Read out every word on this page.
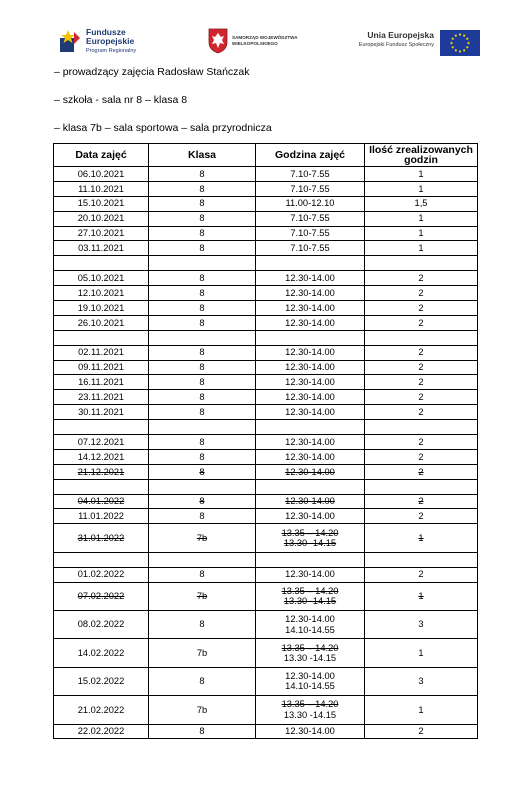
Fundusze
Europejskie
Program Regionalny
SAMORZĄD WOJEWÓDZTWA
WIELKOPOLSKIEGO
Unia Europejska
Europejski Fundusz Społeczny

– prowadzący zajęcia Radosław Stańczak

– szkoła - sala nr 8 – klasa 8

– klasa 7b – sala sportowa – sala przyrodnicza

Data zajęć	Klasa	Godzina zajęć	Ilość zrealizowanych godzin
06.10.2021	8	7.10-7.55	1
11.10.2021	8	7.10-7.55	1
15.10.2021	8	11.00-12.10	1,5
20.10.2021	8	7.10-7.55	1
27.10.2021	8	7.10-7.55	1
03.11.2021	8	7.10-7.55	1

05.10.2021	8	12.30-14.00	2
12.10.2021	8	12.30-14.00	2
19.10.2021	8	12.30-14.00	2
26.10.2021	8	12.30-14.00	2

02.11.2021	8	12.30-14.00	2
09.11.2021	8	12.30-14.00	2
16.11.2021	8	12.30-14.00	2
23.11.2021	8	12.30-14.00	2
30.11.2021	8	12.30-14.00	2

07.12.2021	8	12.30-14.00	2
14.12.2021	8	12.30-14.00	2
21.12.2021	8	12.30-14.00	2

04.01.2022	8	12.30-14.00	2
11.01.2022	8	12.30-14.00	2
31.01.2022	7b	13.35 – 14.20
13.30 -14.15	1

01.02.2022	8	12.30-14.00	2
07.02.2022	7b	13.35 – 14.20
13.30 -14.15	1
08.02.2022	8	12.30-14.00
14.10-14.55	3
14.02.2022	7b	13.35 – 14.20
13.30 -14.15	1
15.02.2022	8	12.30-14.00
14.10-14.55	3
21.02.2022	7b	13.35 – 14.20
13.30 -14.15	1
22.02.2022	8	12.30-14.00	2
